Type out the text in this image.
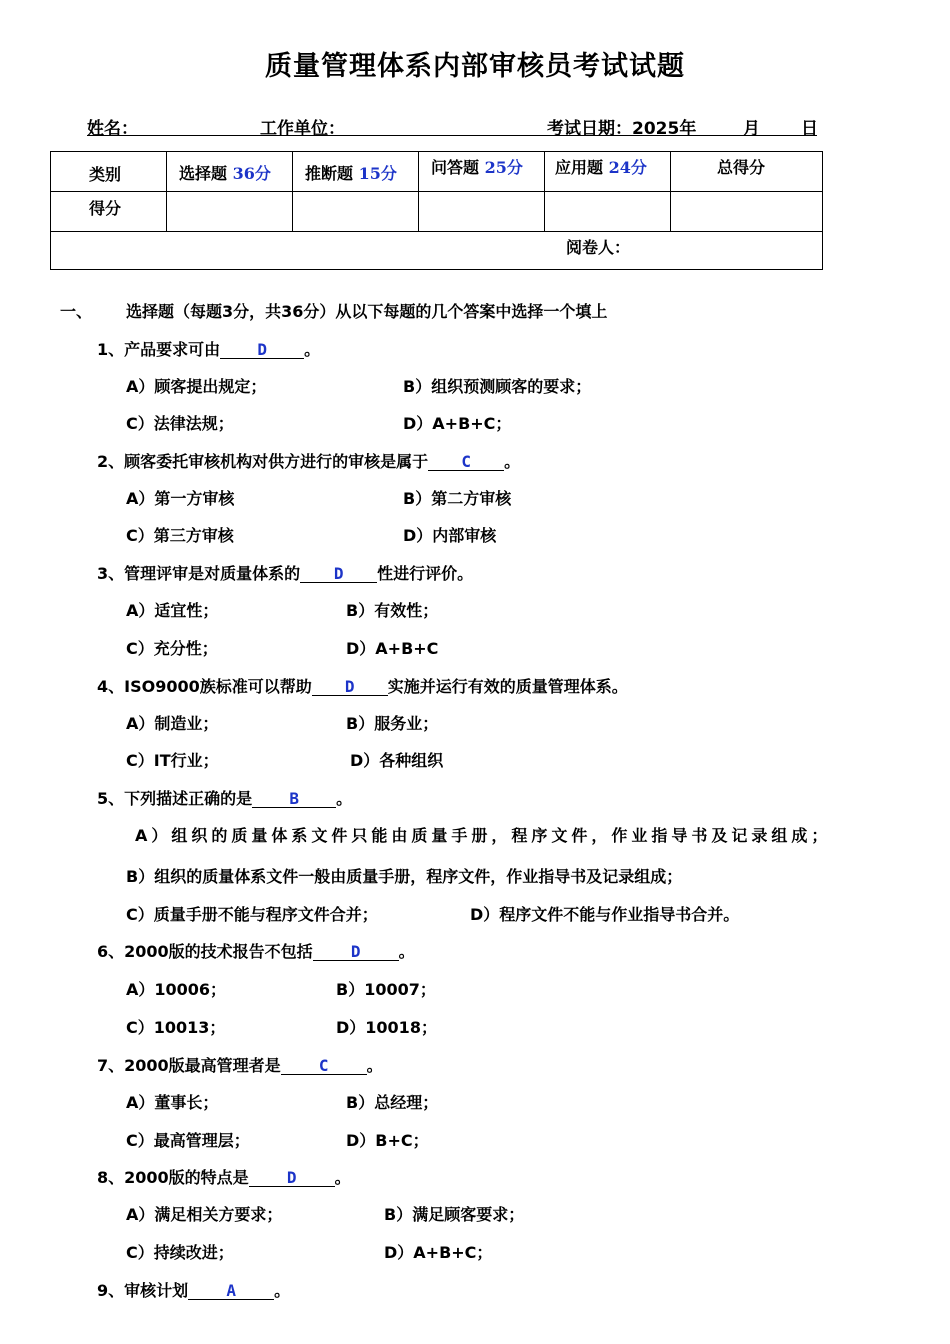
质量管理体系内部审核员考试试题
姓名：	工作单位：	考试日期：2025年	月 日
类别	选择题 36分	推断题 15分	问答题 25分	应用题 24分	总得分
得分					
阅卷人：					
一、 选择题（每题3分，共36分）从以下每题的几个答案中选择一个填上
1、产品要求可由 D 。
A）顾客提出规定；	B）组织预测顾客的要求；
C）法律法规；	D）A+B+C；
2、顾客委托审核机构对供方进行的审核是属于 C 。
A）第一方审核	B）第二方审核
C）第三方审核	D）内部审核
3、管理评审是对质量体系的 D 性进行评价。
A）适宜性；	B）有效性；
C）充分性；	D）A+B+C
4、ISO9000族标准可以帮助 D 实施并运行有效的质量管理体系。
A）制造业；	B）服务业；
C）IT行业；	D）各种组织
5、下列描述正确的是 B 。
A）组织的质量体系文件只能由质量手册，程序文件，作业指导书及记录组成；
B）组织的质量体系文件一般由质量手册，程序文件，作业指导书及记录组成；
C）质量手册不能与程序文件合并；	D）程序文件不能与作业指导书合并。
6、2000版的技术报告不包括 D 。
A）10006；	B）10007；
C）10013；	D）10018；
7、2000版最高管理者是 C 。
A）董事长；	B）总经理；
C）最高管理层；	D）B+C；
8、2000版的特点是 D 。
A）满足相关方要求；	B）满足顾客要求；
C）持续改进；	D）A+B+C；
9、审核计划 A 。
